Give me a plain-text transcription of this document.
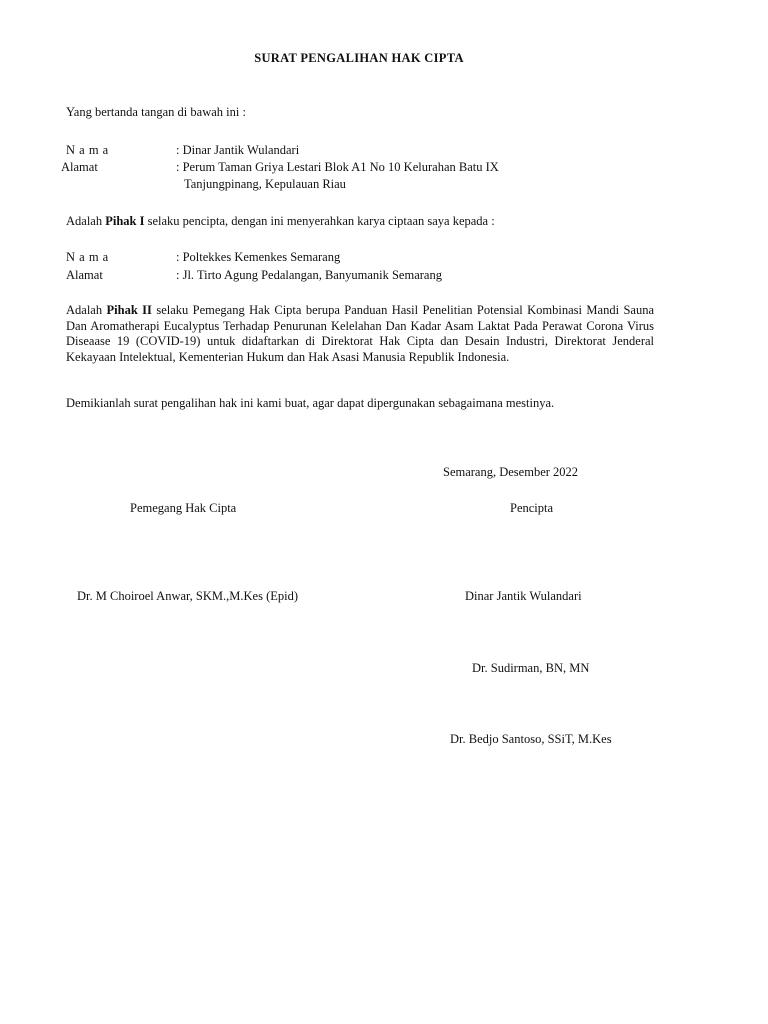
SURAT PENGALIHAN HAK CIPTA
Yang bertanda tangan di bawah ini :
N a m a	: Dinar Jantik Wulandari
Alamat	: Perum Taman Griya Lestari Blok A1 No 10 Kelurahan Batu IX
Tanjungpinang, Kepulauan Riau
Adalah Pihak I selaku pencipta, dengan ini menyerahkan karya ciptaan saya kepada :
N a m a	: Poltekkes Kemenkes Semarang
Alamat	: Jl. Tirto Agung Pedalangan, Banyumanik Semarang
Adalah Pihak II selaku Pemegang Hak Cipta berupa Panduan Hasil Penelitian Potensial Kombinasi Mandi Sauna Dan Aromatherapi Eucalyptus Terhadap Penurunan Kelelahan Dan Kadar Asam Laktat Pada Perawat Corona Virus Diseaase 19 (COVID-19) untuk didaftarkan di Direktorat Hak Cipta dan Desain Industri, Direktorat Jenderal Kekayaan Intelektual, Kementerian Hukum dan Hak Asasi Manusia Republik Indonesia.
Demikianlah surat pengalihan hak ini kami buat, agar dapat dipergunakan sebagaimana mestinya.
Semarang, Desember 2022
Pemegang Hak Cipta	Pencipta
Dr. M Choiroel Anwar, SKM.,M.Kes (Epid)	Dinar Jantik Wulandari
Dr. Sudirman, BN, MN
Dr. Bedjo Santoso, SSiT, M.Kes
